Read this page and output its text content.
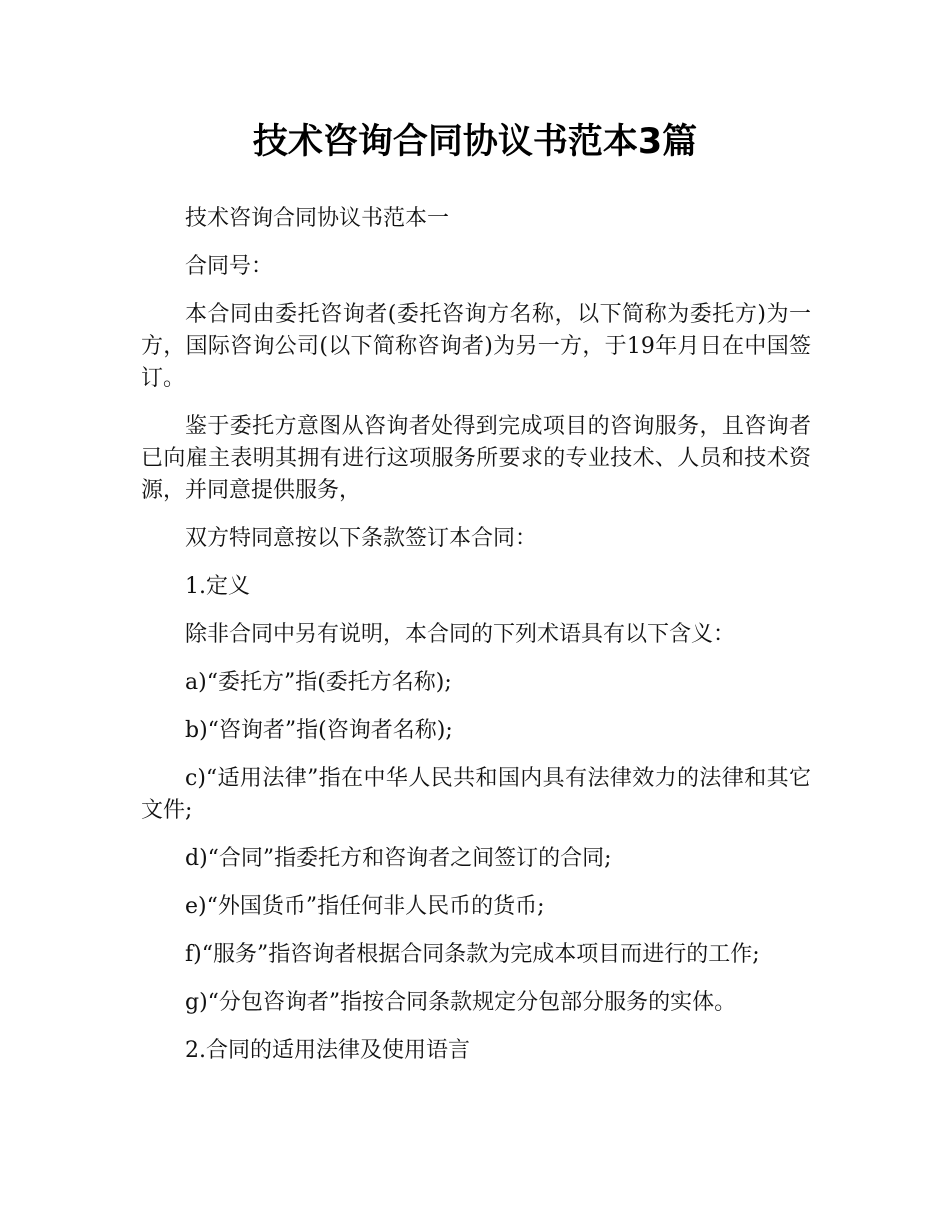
技术咨询合同协议书范本3篇

技术咨询合同协议书范本一

合同号：

本合同由委托咨询者(委托咨询方名称，以下简称为委托方)为一方，国际咨询公司(以下简称咨询者)为另一方，于19年月日在中国签订。

鉴于委托方意图从咨询者处得到完成项目的咨询服务，且咨询者已向雇主表明其拥有进行这项服务所要求的专业技术、人员和技术资源，并同意提供服务，

双方特同意按以下条款签订本合同：

1.定义

除非合同中另有说明，本合同的下列术语具有以下含义：

a)“委托方”指(委托方名称);

b)“咨询者”指(咨询者名称);

c)“适用法律”指在中华人民共和国内具有法律效力的法律和其它文件;

d)“合同”指委托方和咨询者之间签订的合同;

e)“外国货币”指任何非人民币的货币;

f)“服务”指咨询者根据合同条款为完成本项目而进行的工作;

g)“分包咨询者”指按合同条款规定分包部分服务的实体。

2.合同的适用法律及使用语言
